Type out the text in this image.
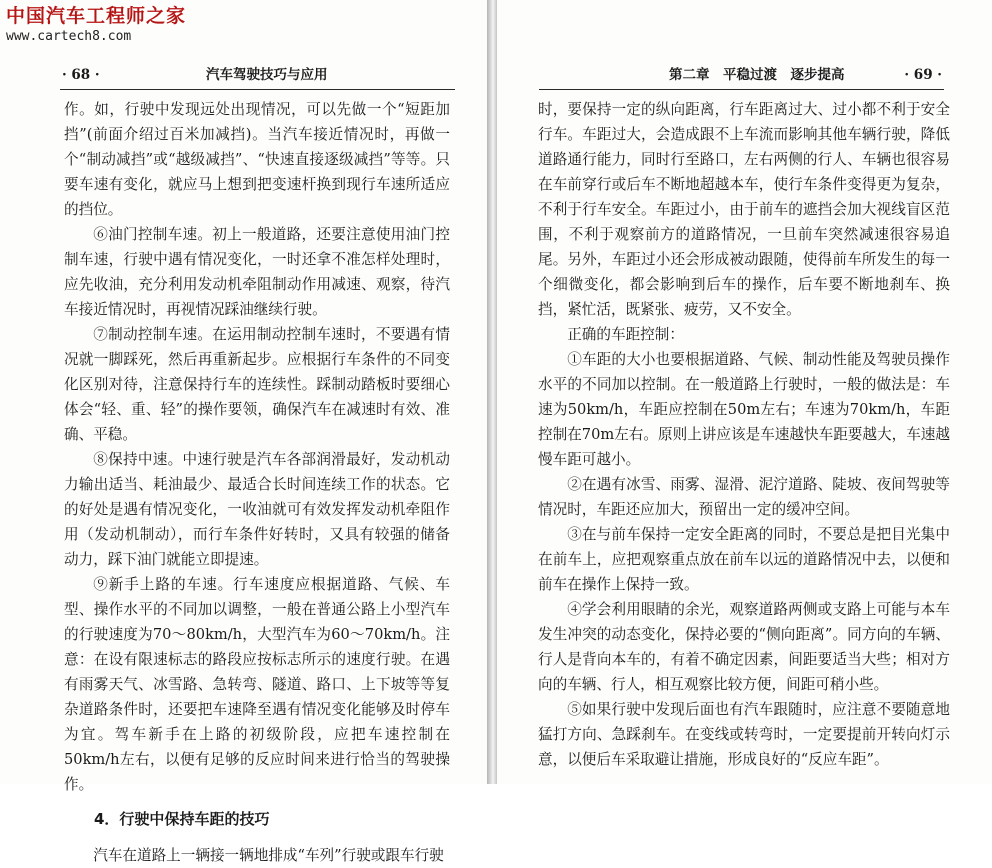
· 68 ·	汽车驾驶技巧与应用

作。如，行驶中发现远处出现情况，可以先做一个“短距加挡”(前面介绍过百米加减挡)。当汽车接近情况时，再做一个“制动减挡”或“越级减挡”、“快速直接逐级减挡”等等。只要车速有变化，就应马上想到把变速杆换到现行车速所适应的挡位。

⑥油门控制车速。初上一般道路，还要注意使用油门控制车速，行驶中遇有情况变化，一时还拿不准怎样处理时，应先收油，充分利用发动机牵阻制动作用减速、观察，待汽车接近情况时，再视情况踩油继续行驶。

⑦制动控制车速。在运用制动控制车速时，不要遇有情况就一脚踩死，然后再重新起步。应根据行车条件的不同变化区别对待，注意保持行车的连续性。踩制动踏板时要细心体会“轻、重、轻”的操作要领，确保汽车在减速时有效、准确、平稳。

⑧保持中速。中速行驶是汽车各部润滑最好，发动机动力输出适当、耗油最少、最适合长时间连续工作的状态。它的好处是遇有情况变化，一收油就可有效发挥发动机牵阻作用（发动机制动），而行车条件好转时，又具有较强的储备动力，踩下油门就能立即提速。

⑨新手上路的车速。行车速度应根据道路、气候、车型、操作水平的不同加以调整，一般在普通公路上小型汽车的行驶速度为70～80km/h，大型汽车为60～70km/h。注意：在设有限速标志的路段应按标志所示的速度行驶。在遇有雨雾天气、冰雪路、急转弯、隧道、路口、上下坡等等复杂道路条件时，还要把车速降至遇有情况变化能够及时停车为宜。驾车新手在上路的初级阶段，应把车速控制在50km/h左右，以便有足够的反应时间来进行恰当的驾驶操作。

4．行驶中保持车距的技巧

汽车在道路上一辆接一辆地排成“车列”行驶或跟车行驶

第二章　平稳过渡　逐步提高	· 69 ·

时，要保持一定的纵向距离，行车距离过大、过小都不利于安全行车。车距过大，会造成跟不上车流而影响其他车辆行驶，降低道路通行能力，同时行至路口，左右两侧的行人、车辆也很容易在车前穿行或后车不断地超越本车，使行车条件变得更为复杂，不利于行车安全。车距过小，由于前车的遮挡会加大视线盲区范围，不利于观察前方的道路情况，一旦前车突然减速很容易追尾。另外，车距过小还会形成被动跟随，使得前车所发生的每一个细微变化，都会影响到后车的操作，后车要不断地刹车、换挡，紧忙活，既紧张、疲劳，又不安全。

正确的车距控制：

①车距的大小也要根据道路、气候、制动性能及驾驶员操作水平的不同加以控制。在一般道路上行驶时，一般的做法是：车速为50km/h，车距应控制在50m左右；车速为70km/h，车距控制在70m左右。原则上讲应该是车速越快车距要越大，车速越慢车距可越小。

②在遇有冰雪、雨雾、湿滑、泥泞道路、陡坡、夜间驾驶等情况时，车距还应加大，预留出一定的缓冲空间。

③在与前车保持一定安全距离的同时，不要总是把目光集中在前车上，应把观察重点放在前车以远的道路情况中去，以便和前车在操作上保持一致。

④学会利用眼睛的余光，观察道路两侧或支路上可能与本车发生冲突的动态变化，保持必要的“侧向距离”。同方向的车辆、行人是背向本车的，有着不确定因素，间距要适当大些；相对方向的车辆、行人，相互观察比较方便，间距可稍小些。

⑤如果行驶中发现后面也有汽车跟随时，应注意不要随意地猛打方向、急踩刹车。在变线或转弯时，一定要提前开转向灯示意，以便后车采取避让措施，形成良好的“反应车距”。

中国汽车工程师之家
www.cartech8.com
